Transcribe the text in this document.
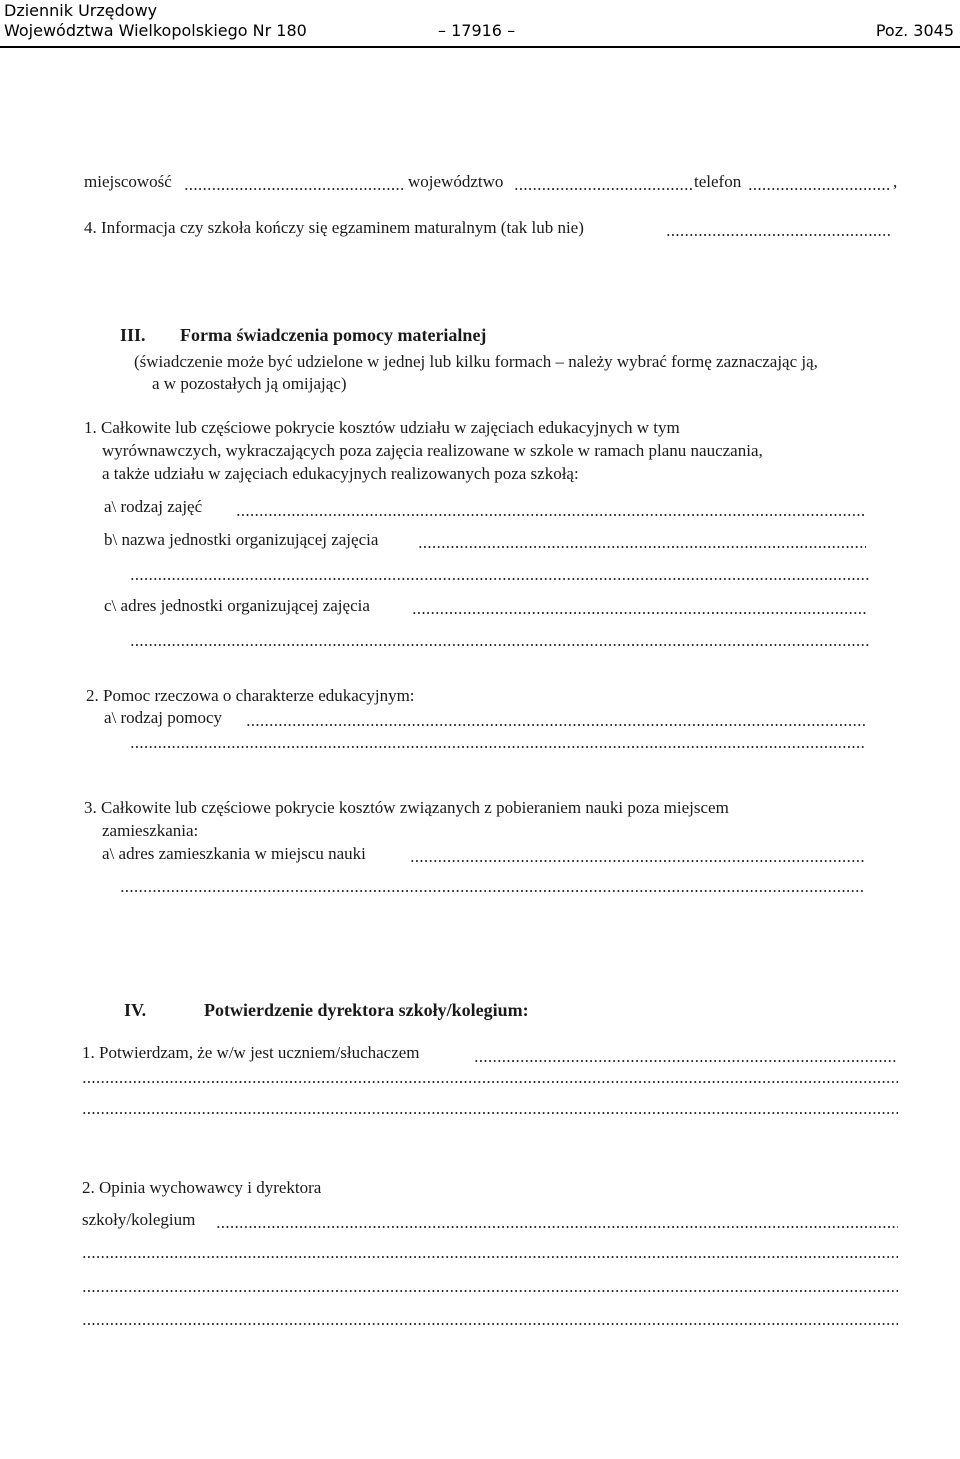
Dziennik Urzędowy
Województwa Wielkopolskiego Nr 180	– 17916 –	Poz. 3045
miejscowość	województwo	telefon	,
4. Informacja czy szkoła kończy się egzaminem maturalnym (tak lub nie)
III. Forma świadczenia pomocy materialnej
(świadczenie może być udzielone w jednej lub kilku formach – należy wybrać formę zaznaczając ją,
a w pozostałych ją omijając)
1. Całkowite lub częściowe pokrycie kosztów udziału w zajęciach edukacyjnych w tym
wyrównawczych, wykraczających poza zajęcia realizowane w szkole w ramach planu nauczania,
a także udziału w zajęciach edukacyjnych realizowanych poza szkołą:
a\ rodzaj zajęć
b\ nazwa jednostki organizującej zajęcia
c\ adres jednostki organizującej zajęcia
2. Pomoc rzeczowa o charakterze edukacyjnym:
a\ rodzaj pomocy
3. Całkowite lub częściowe pokrycie kosztów związanych z pobieraniem nauki poza miejscem
zamieszkania:
a\ adres zamieszkania w miejscu nauki
IV.	Potwierdzenie dyrektora szkoły/kolegium:
1. Potwierdzam, że w/w jest uczniem/słuchaczem
2. Opinia wychowawcy i dyrektora
szkoły/kolegium
